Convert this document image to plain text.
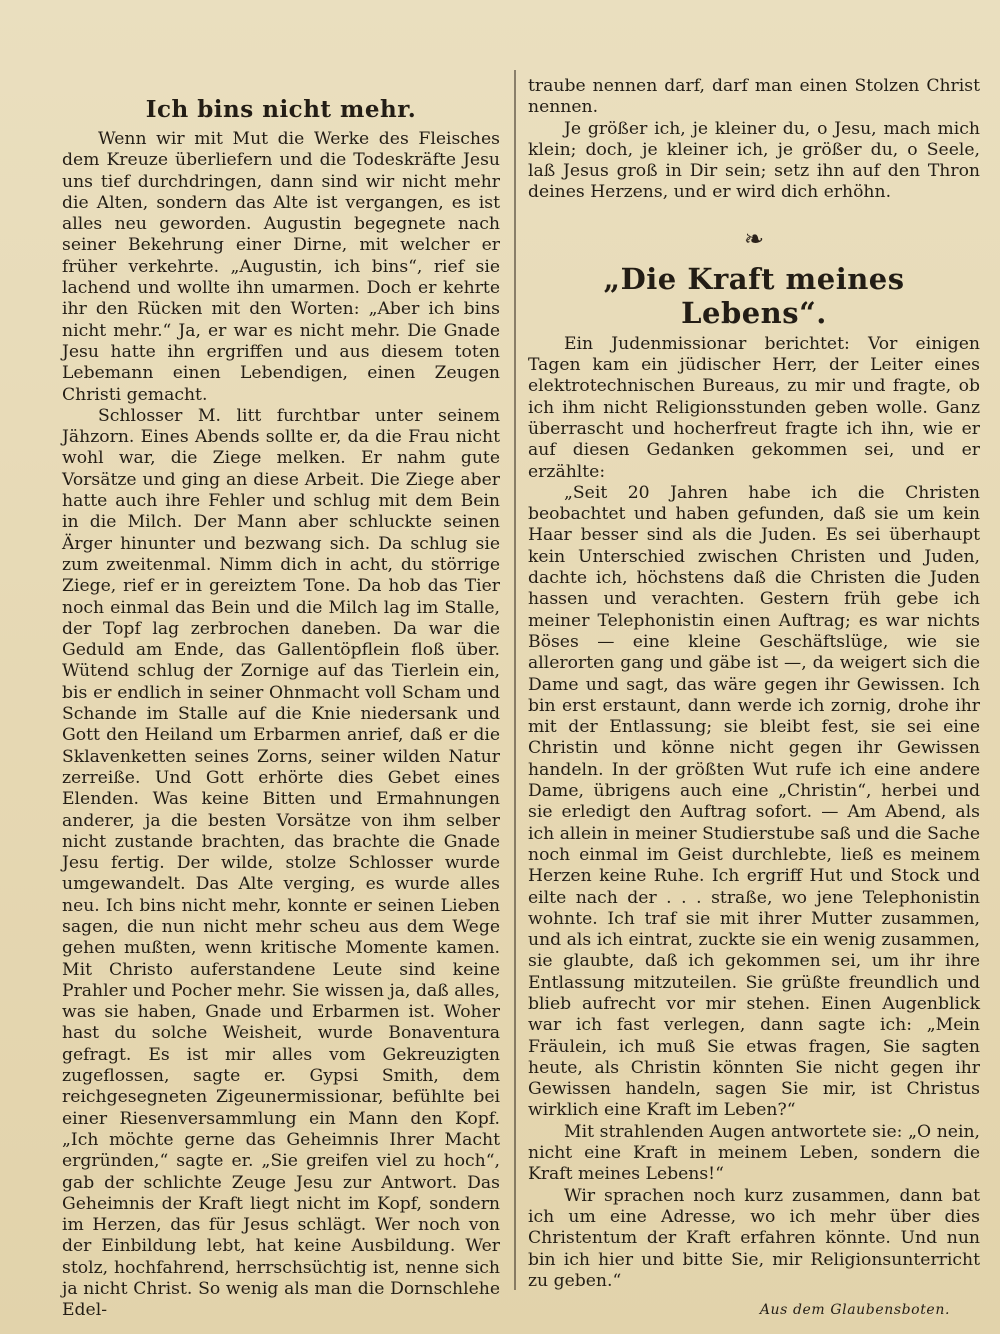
Ich bins nicht mehr.

Wenn wir mit Mut die Werke des Fleisches dem Kreuze überliefern und die Todeskräfte Jesu uns tief durchdringen, dann sind wir nicht mehr die Alten, sondern das Alte ist vergangen, es ist alles neu geworden. Augustin begegnete nach seiner Bekehrung einer Dirne, mit welcher er früher verkehrte. „Augustin, ich bins“, rief sie lachend und wollte ihn umarmen. Doch er kehrte ihr den Rücken mit den Worten: „Aber ich bins nicht mehr.“ Ja, er war es nicht mehr. Die Gnade Jesu hatte ihn ergriffen und aus diesem toten Lebemann einen Lebendigen, einen Zeugen Christi gemacht.

Schlosser M. litt furchtbar unter seinem Jähzorn. Eines Abends sollte er, da die Frau nicht wohl war, die Ziege melken. Er nahm gute Vorsätze und ging an diese Arbeit. Die Ziege aber hatte auch ihre Fehler und schlug mit dem Bein in die Milch. Der Mann aber schluckte seinen Ärger hinunter und bezwang sich. Da schlug sie zum zweitenmal. Nimm dich in acht, du störrige Ziege, rief er in gereiztem Tone. Da hob das Tier noch einmal das Bein und die Milch lag im Stalle, der Topf lag zerbrochen daneben. Da war die Geduld am Ende, das Gallentöpflein floß über. Wütend schlug der Zornige auf das Tierlein ein, bis er endlich in seiner Ohnmacht voll Scham und Schande im Stalle auf die Knie niedersank und Gott den Heiland um Erbarmen anrief, daß er die Sklavenketten seines Zorns, seiner wilden Natur zerreiße. Und Gott erhörte dies Gebet eines Elenden. Was keine Bitten und Ermahnungen anderer, ja die besten Vorsätze von ihm selber nicht zustande brachten, das brachte die Gnade Jesu fertig. Der wilde, stolze Schlosser wurde umgewandelt. Das Alte verging, es wurde alles neu. Ich bins nicht mehr, konnte er seinen Lieben sagen, die nun nicht mehr scheu aus dem Wege gehen mußten, wenn kritische Momente kamen. Mit Christo auferstandene Leute sind keine Prahler und Pocher mehr. Sie wissen ja, daß alles, was sie haben, Gnade und Erbarmen ist. Woher hast du solche Weisheit, wurde Bonaventura gefragt. Es ist mir alles vom Gekreuzigten zugeflossen, sagte er. Gypsi Smith, dem reichgesegneten Zigeunermissionar, befühlte bei einer Riesenversammlung ein Mann den Kopf. „Ich möchte gerne das Geheimnis Ihrer Macht ergründen,“ sagte er. „Sie greifen viel zu hoch“, gab der schlichte Zeuge Jesu zur Antwort. Das Geheimnis der Kraft liegt nicht im Kopf, sondern im Herzen, das für Jesus schlägt. Wer noch von der Einbildung lebt, hat keine Ausbildung. Wer stolz, hochfahrend, herrschsüchtig ist, nenne sich ja nicht Christ. So wenig als man die Dornschlehe Edel-

traube nennen darf, darf man einen Stolzen Christ nennen.

Je größer ich, je kleiner du, o Jesu, mach mich klein; doch, je kleiner ich, je größer du, o Seele, laß Jesus groß in Dir sein; setz ihn auf den Thron deines Herzens, und er wird dich erhöhn.

❧
„Die Kraft meines Lebens“.

Ein Judenmissionar berichtet: Vor einigen Tagen kam ein jüdischer Herr, der Leiter eines elektrotechnischen Bureaus, zu mir und fragte, ob ich ihm nicht Religionsstunden geben wolle. Ganz überrascht und hocherfreut fragte ich ihn, wie er auf diesen Gedanken gekommen sei, und er erzählte:

„Seit 20 Jahren habe ich die Christen beobachtet und haben gefunden, daß sie um kein Haar besser sind als die Juden. Es sei überhaupt kein Unterschied zwischen Christen und Juden, dachte ich, höchstens daß die Christen die Juden hassen und verachten. Gestern früh gebe ich meiner Telephonistin einen Auftrag; es war nichts Böses — eine kleine Geschäftslüge, wie sie allerorten gang und gäbe ist —, da weigert sich die Dame und sagt, das wäre gegen ihr Gewissen. Ich bin erst erstaunt, dann werde ich zornig, drohe ihr mit der Entlassung; sie bleibt fest, sie sei eine Christin und könne nicht gegen ihr Gewissen handeln. In der größten Wut rufe ich eine andere Dame, übrigens auch eine „Christin“, herbei und sie erledigt den Auftrag sofort. — Am Abend, als ich allein in meiner Studierstube saß und die Sache noch einmal im Geist durchlebte, ließ es meinem Herzen keine Ruhe. Ich ergriff Hut und Stock und eilte nach der . . . straße, wo jene Telephonistin wohnte. Ich traf sie mit ihrer Mutter zusammen, und als ich eintrat, zuckte sie ein wenig zusammen, sie glaubte, daß ich gekommen sei, um ihr ihre Entlassung mitzuteilen. Sie grüßte freundlich und blieb aufrecht vor mir stehen. Einen Augenblick war ich fast verlegen, dann sagte ich: „Mein Fräulein, ich muß Sie etwas fragen, Sie sagten heute, als Christin könnten Sie nicht gegen ihr Gewissen handeln, sagen Sie mir, ist Christus wirklich eine Kraft im Leben?“

Mit strahlenden Augen antwortete sie: „O nein, nicht eine Kraft in meinem Leben, sondern die Kraft meines Lebens!“

Wir sprachen noch kurz zusammen, dann bat ich um eine Adresse, wo ich mehr über dies Christentum der Kraft erfahren könnte. Und nun bin ich hier und bitte Sie, mir Religionsunterricht zu geben.“

Aus dem Glaubensboten.
